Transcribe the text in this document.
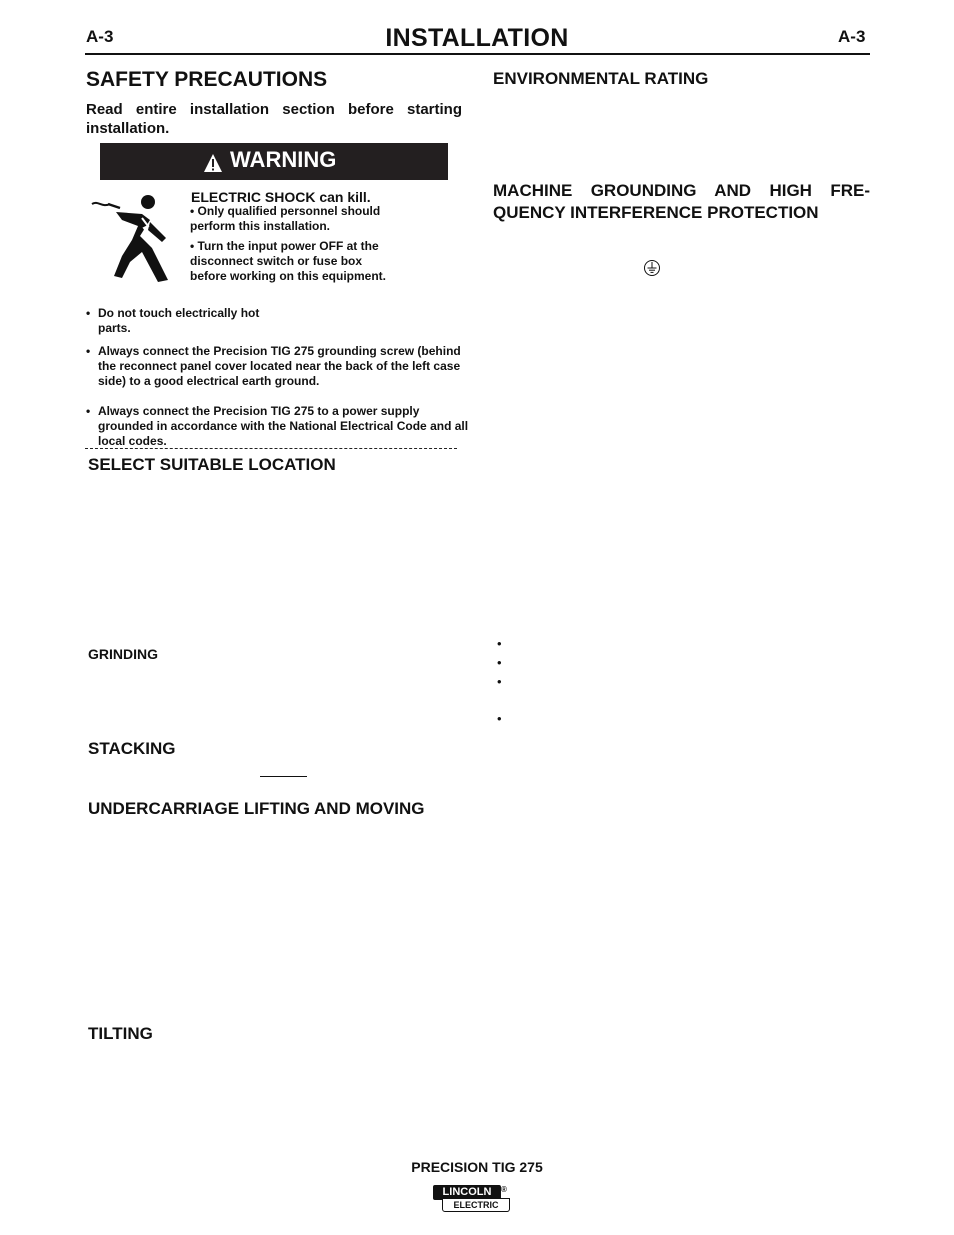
A-3	INSTALLATION	A-3
SAFETY PRECAUTIONS
Read entire installation section before starting installation.
WARNING
ELECTRIC SHOCK can kill.
• Only qualified personnel should perform this installation.
• Turn the input power OFF at the disconnect switch or fuse box before working on this equipment.
• Do not touch electrically hot parts.
• Always connect the Precision TIG 275 grounding screw (behind the reconnect panel cover located near the back of the left case side) to a good electrical earth ground.
• Always connect the Precision TIG 275 to a power supply grounded in accordance with the National Electrical Code and all local codes.
SELECT SUITABLE LOCATION
GRINDING
STACKING
UNDERCARRIAGE LIFTING AND MOVING
TILTING
ENVIRONMENTAL RATING
MACHINE GROUNDING AND HIGH FRE-QUENCY INTERFERENCE PROTECTION
•
•
•
•
PRECISION TIG 275
LINCOLN
ELECTRIC
®
